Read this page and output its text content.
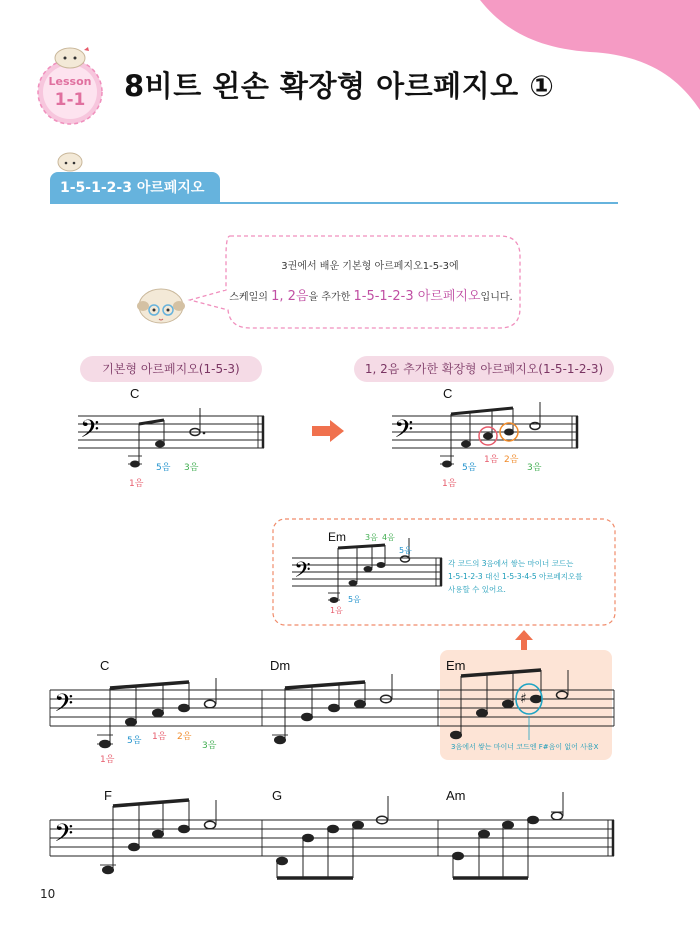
Lesson
1-1	8비트 왼손 확장형 아르페지오 ①
1-5-1-2-3 아르페지오
3권에서 배운 기본형 아르페지오1-5-3에
스케일의 1, 2음을 추가한 1-5-1-2-3 아르페지오입니다.
기본형 아르페지오(1-5-3)	1, 2음 추가한 확장형 아르페지오(1-5-1-2-3)
C	C
𝄢
1음
5음 3음
𝄢
1음
5음
1음 2음
3음
Em
𝄢
3음 4음
5음
5음
1음
각 코드의 3음에서 쌓는 마이너 코드는
1-5-1-2-3 대신 1-5-3-4-5 아르페지오를
사용할 수 있어요.
C	Dm	Em
𝄢	♯
1음
5음 1음 2음
3음	3음에서 쌓는 마이너 코드엔 F#음이 없어 사용X
F	G	Am
𝄢
10
